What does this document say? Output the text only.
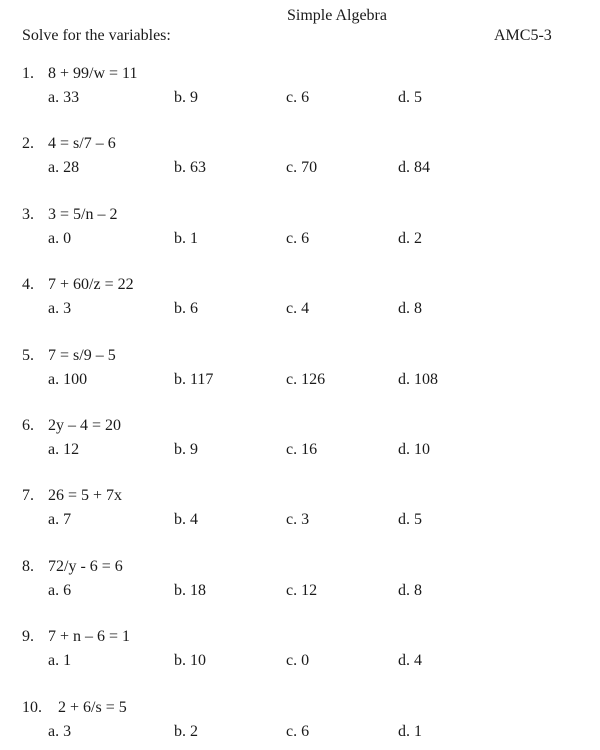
Simple Algebra
Solve for the variables:	AMC5-3
1. 8 + 99/w = 11
a. 33	b. 9	c. 6	d. 5
2. 4 = s/7 – 6
a. 28	b. 63	c. 70	d. 84
3. 3 = 5/n – 2
a. 0	b. 1	c. 6	d. 2
4. 7 + 60/z = 22
a. 3	b. 6	c. 4	d. 8
5. 7 = s/9 – 5
a. 100	b. 117	c. 126	d. 108
6. 2y – 4 = 20
a. 12	b. 9	c. 16	d. 10
7. 26 = 5 + 7x
a. 7	b. 4	c. 3	d. 5
8. 72/y - 6 = 6
a. 6	b. 18	c. 12	d. 8
9. 7 + n – 6 = 1
a. 1	b. 10	c. 0	d. 4
10. 2 + 6/s = 5
a. 3	b. 2	c. 6	d. 1
